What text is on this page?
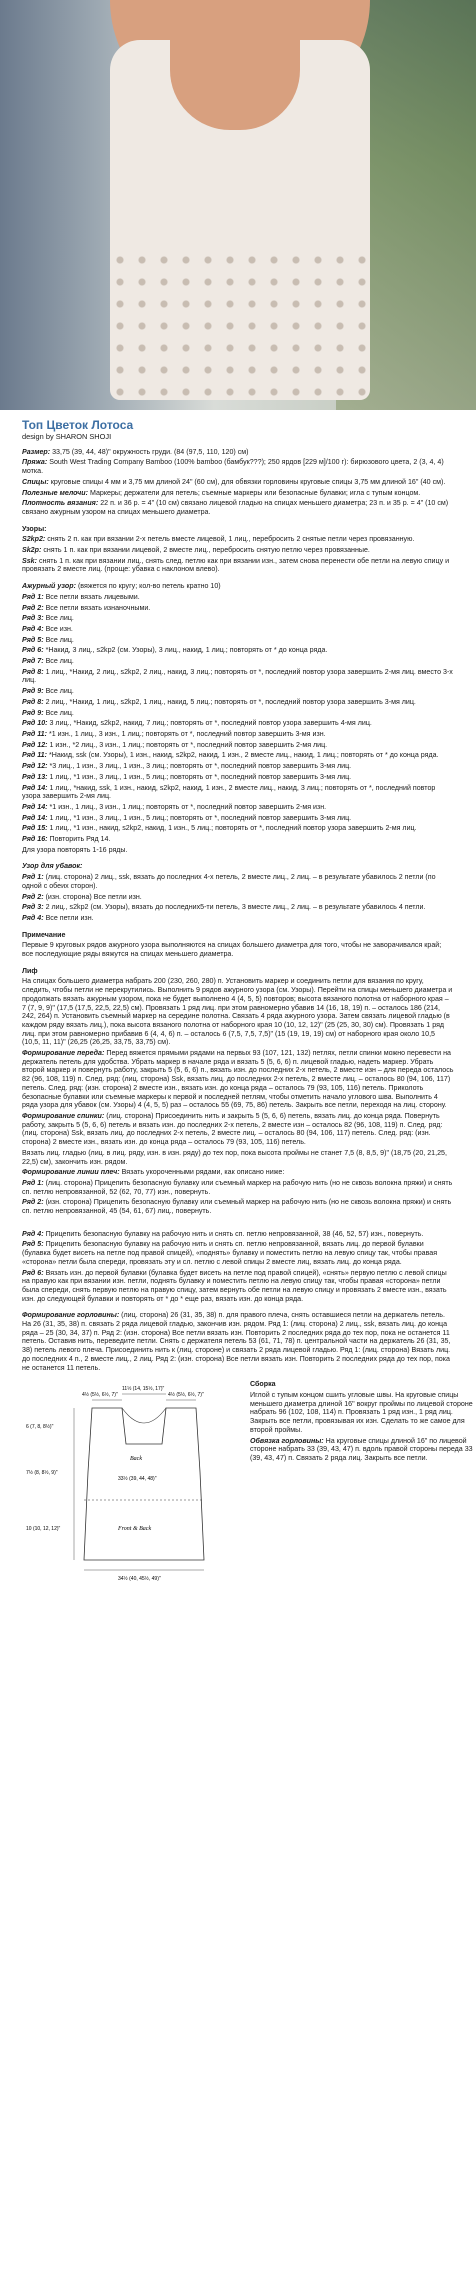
Топ Цветок Лотоса
design by SHARON SHOJI

Размер: 33,75 (39, 44, 48)" окружность груди. (84 (97,5, 110, 120) см)

Пряжа: South West Trading Company Bamboo (100% bamboo (бамбук???); 250 ярдов [229 м]/100 г): бирюзового цвета, 2 (3, 4, 4) мотка.

Спицы: круговые спицы 4 мм и 3,75 мм длиной 24" (60 см), для обвязки горловины круговые спицы 3,75 мм длиной 16" (40 см).

Полезные мелочи: Маркеры; держатели для петель; съемные маркеры или безопасные булавки; игла с тупым концом.

Плотность вязания: 22 п. и 36 р. = 4" (10 см) связано лицевой гладью на спицах меньшего диаметра; 23 п. и 35 р. = 4" (10 см) связано ажурным узором на спицах меньшего диаметра.

Узоры:

S2kp2: снять 2 п. как при вязании 2-х петель вместе лицевой, 1 лиц., перебросить 2 снятые петли через провязанную.

Sk2p: снять 1 п. как при вязании лицевой, 2 вместе лиц., перебросить снятую петлю через провязанные.

Ssk: снять 1 п. как при вязании лиц., снять след. петлю как при вязании изн., затем снова перенести обе петли на левую спицу и провязать 2 вместе лиц. (проще: убавка с наклоном влево).

Ажурный узор: (вяжется по кругу; кол-во петель кратно 10)

Ряд 1: Все петли вязать лицевыми.

Ряд 2: Все петли вязать изнаночными.

Ряд 3: Все лиц.

Ряд 4: Все изн.

Ряд 5: Все лиц.

Ряд 6: *Накид, 3 лиц., s2kp2 (см. Узоры), 3 лиц., накид, 1 лиц.; повторять от * до конца ряда.

Ряд 7: Все лиц.

Ряд 8: 1 лиц., *Накид, 2 лиц., s2kp2, 2 лиц., накид, 3 лиц.; повторять от *, последний повтор узора завершить 2-мя лиц. вместо 3-х лиц.

Ряд 9: Все лиц.

Ряд 8: 2 лиц., *Накид, 1 лиц., s2kp2, 1 лиц., накид, 5 лиц.; повторять от *, последний повтор узора завершить 3-мя лиц.

Ряд 9: Все лиц.

Ряд 10: 3 лиц., *Накид, s2kp2, накид, 7 лиц.; повторять от *, последний повтор узора завершить 4-мя лиц.

Ряд 11: *1 изн., 1 лиц., 3 изн., 1 лиц.; повторять от *, последний повтор завершить 3-мя изн.

Ряд 12: 1 изн., *2 лиц., 3 изн., 1 лиц.; повторять от *, последний повтор завершить 2-мя лиц.

Ряд 11: *Накид, ssk (см. Узоры), 1 изн., накид, s2kp2, накид, 1 изн., 2 вместе лиц., накид, 1 лиц.; повторять от * до конца ряда.

Ряд 12: *3 лиц., 1 изн., 3 лиц., 1 изн., 3 лиц.; повторять от *, последний повтор завершить 3-мя лиц.

Ряд 13: 1 лиц., *1 изн., 3 лиц., 1 изн., 5 лиц.; повторять от *, последний повтор завершить 3-мя лиц.

Ряд 14: 1 лиц., *накид, ssk, 1 изн., накид, s2kp2, накид, 1 изн., 2 вместе лиц., накид, 3 лиц.; повторять от *, последний повтор узора завершить 2-мя лиц.

Ряд 14: *1 изн., 1 лиц., 3 изн., 1 лиц.; повторять от *, последний повтор завершить 2-мя изн.

Ряд 14: 1 лиц., *1 изн., 3 лиц., 1 изн., 5 лиц.; повторять от *, последний повтор завершить 3-мя лиц.

Ряд 15: 1 лиц., *1 изн., накид, s2kp2, накид, 1 изн., 5 лиц.; повторять от *, последний повтор узора завершить 2-мя лиц.

Ряд 16: Повторить Ряд 14.

Для узора повторять 1-16 ряды.

Узор для убавок:

Ряд 1: (лиц. сторона) 2 лиц., ssk, вязать до последних 4-х петель, 2 вместе лиц., 2 лиц. – в результате убавилось 2 петли (по одной с обеих сторон).

Ряд 2: (изн. сторона) Все петли изн.

Ряд 3: 2 лиц., s2kp2 (см. Узоры), вязать до последних5-ти петель, 3 вместе лиц., 2 лиц. – в результате убавилось 4 петли.

Ряд 4: Все петли изн.

Примечание

Первые 9 круговых рядов ажурного узора выполняются на спицах большего диаметра для того, чтобы не заворачивался край; все последующие ряды вяжутся на спицах меньшего диаметра.

Лиф

На спицах большего диаметра набрать 200 (230, 260, 280) п. Установить маркер и соединить петли для вязания по кругу, следить, чтобы петли не перекрутились. Выполнить 9 рядов ажурного узора (см. Узоры). Перейти на спицы меньшего диаметра и продолжать вязать ажурным узором, пока не будет выполнено 4 (4, 5, 5) повторов; высота вязаного полотна от наборного края – 7 (7, 9, 9)" (17,5 (17,5, 22,5, 22,5) см). Провязать 1 ряд лиц. при этом равномерно убавив 14 (16, 18, 19) п. – осталось 186 (214, 242, 264) п. Установить съемный маркер на середине полотна. Связать 4 ряда ажурного узора. Затем связать лицевой гладью (в каждом ряду вязать лиц.), пока высота вязаного полотна от наборного края 10 (10, 12, 12)" (25 (25, 30, 30) см). Провязать 1 ряд лиц. при этом равномерно прибавив 6 (4, 4, 6) п. – осталось 6 (7,5, 7,5, 7,5)" (15 (19, 19, 19) см) от наборного края около 10,5 (10,5, 11, 11)" (26,25 (26,25, 33,75, 33,75) см).

Формирование переда: Перед вяжется прямыми рядами на первых 93 (107, 121, 132) петлях, петли спинки можно перевести на держатель петель для удобства. Убрать маркер в начале ряда и вязать 5 (5, 6, 6) п. лицевой гладью, надеть маркер. Убрать второй маркер и повернуть работу, закрыть 5 (5, 6, 6) п., вязать изн. до последних 2-х петель, 2 вместе изн – для переда осталось 82 (96, 108, 119) п. След. ряд: (лиц. сторона) Ssk, вязать лиц. до последних 2-х петель, 2 вместе лиц. – осталось 80 (94, 106, 117) петель. След. ряд: (изн. сторона) 2 вместе изн., вязать изн. до конца ряда – осталось 79 (93, 105, 116) петель. Приколоть безопасные булавки или съемные маркеры к первой и последней петлям, чтобы отметить начало углового шва. Выполнить 4 ряда узора для убавок (см. Узоры) 4 (4, 5, 5) раз – осталось 55 (69, 75, 86) петель. Закрыть все петли, переходя на лиц. сторону.

Формирование спинки: (лиц. сторона) Присоединить нить и закрыть 5 (5, 6, 6) петель, вязать лиц. до конца ряда. Повернуть работу, закрыть 5 (5, 6, 6) петель и вязать изн. до последних 2-х петель, 2 вместе изн – осталось 82 (96, 108, 119) п. След. ряд: (лиц. сторона) Ssk, вязать лиц. до последних 2-х петель, 2 вместе лиц. – осталось 80 (94, 106, 117) петель. След. ряд: (изн. сторона) 2 вместе изн., вязать изн. до конца ряда – осталось 79 (93, 105, 116) петель.

Вязать лиц. гладью (лиц. в лиц. ряду, изн. в изн. ряду) до тех пор, пока высота проймы не станет 7,5 (8, 8,5, 9)" (18,75 (20, 21,25, 22,5) см), закончить изн. рядом.

Формирование линии плеч: Вязать укороченными рядами, как описано ниже:

Ряд 1: (лиц. сторона) Прицепить безопасную булавку или съемный маркер на рабочую нить (но не сквозь волокна пряжи) и снять сп. петлю непровязанной, 52 (62, 70, 77) изн., повернуть.

Ряд 2: (изн. сторона) Прицепить безопасную булавку или съемный маркер на рабочую нить (но не сквозь волокна пряжи) и снять сп. петлю непровязанной, 45 (54, 61, 67) лиц., повернуть.

Ряд 4: Прицепить безопасную булавку на рабочую нить и снять сп. петлю непровязанной, 38 (46, 52, 57) изн., повернуть.

Ряд 5: Прицепить безопасную булавку на рабочую нить и снять сп. петлю непровязанной, вязать лиц. до первой булавки (булавка будет висеть на петле под правой спицей), «поднять» булавку и поместить петлю на левую спицу так, чтобы правая «сторона» петли была спереди, провязать эту и сл. петлю с левой спицы 2 вместе лиц, вязать лиц. до конца ряда.

Ряд 6: Вязать изн. до первой булавки (булавка будет висеть на петле под правой спицей), «снять» первую петлю с левой спицы на правую как при вязании изн. петли, поднять булавку и поместить петлю на левую спицу так, чтобы правая «сторона» петли была спереди, снять первую петлю на правую спицу, затем вернуть обе петли на левую спицу и провязать 2 вместе изн., вязать изн. до следующей булавки и повторять от * до * еще раз, вязать изн. до конца ряда.

Формирование горловины: (лиц. сторона) 26 (31, 35, 38) п. для правого плеча, снять оставшиеся петли на держатель петель. На 26 (31, 35, 38) п. связать 2 ряда лицевой гладью, закончив изн. рядом. Ряд 1: (лиц. сторона) 2 лиц., ssk, вязать лиц. до конца ряда – 25 (30, 34, 37) п. Ряд 2: (изн. сторона) Все петли вязать изн. Повторить 2 последних ряда до тех пор, пока не останется 11 петель. Оставив нить, переведите петли. Снять с держателя петель 53 (61, 71, 78) п. центральной части на держатель 26 (31, 35, 38) петель левого плеча. Присоединить нить к (лиц. стороне) и связать 2 ряда лицевой гладью. Ряд 1: (лиц. сторона) Вязать лиц. до последних 4 п., 2 вместе лиц., 2 лиц. Ряд 2: (изн. сторона) Все петли вязать изн. Повторить 2 последних ряда до тех пор, пока не останется 11 петель.

4½ (5½, 6½, 7)"
11½ (14, 15½, 17)"
4½ (5½, 6½, 7)"
6 (7, 8, 8½)"
7½ (8, 8½, 9)"
10 (10, 12, 12)"
33½ (39, 44, 48)"
Back
Front & Back
34½ (40, 45½, 49)"

Сборка

Иглой с тупым концом сшить угловые швы. На круговые спицы меньшего диаметра длиной 16" вокруг проймы по лицевой стороне набрать 96 (102, 108, 114) п. Провязать 1 ряд изн., 1 ряд лиц. Закрыть все петли, провязывая их изн. Сделать то же самое для второй проймы.

Обвязка горловины: На круговые спицы длиной 16" по лицевой стороне набрать 33 (39, 43, 47) п. вдоль правой стороны переда 33 (39, 43, 47) п. Связать 2 ряда лиц. Закрыть все петли.
